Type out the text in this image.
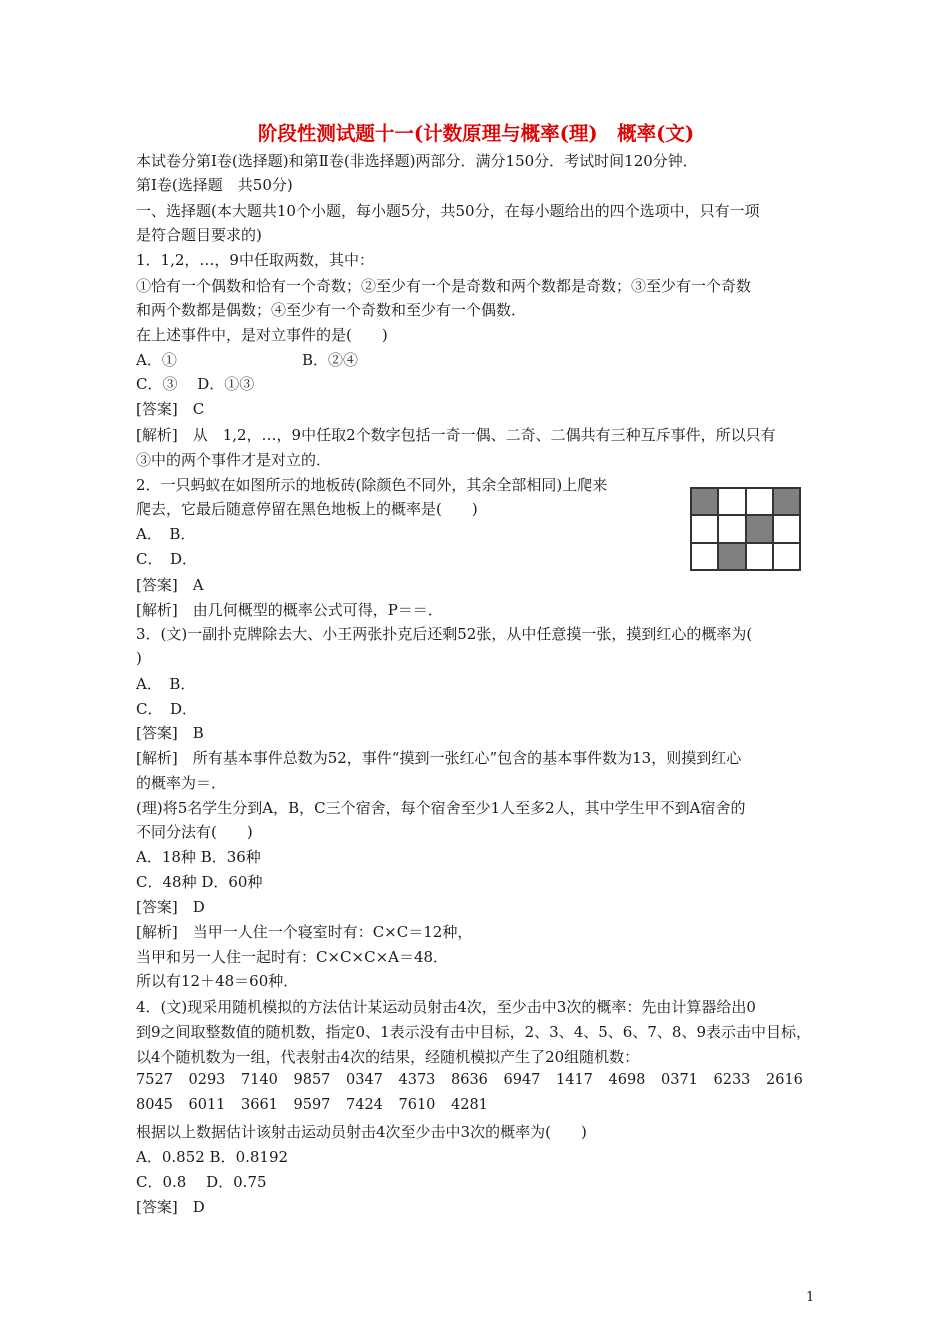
阶段性测试题十一(计数原理与概率(理)　概率(文)
本试卷分第Ⅰ卷(选择题)和第Ⅱ卷(非选择题)两部分．满分150分．考试时间120分钟．
第Ⅰ卷(选择题　共50分)
一、选择题(本大题共10个小题，每小题5分，共50分，在每小题给出的四个选项中，只有一项
是符合题目要求的)
1．1,2，…，9中任取两数，其中：
①恰有一个偶数和恰有一个奇数；②至少有一个是奇数和两个数都是奇数；③至少有一个奇数
和两个数都是偶数；④至少有一个奇数和至少有一个偶数．
在上述事件中，是对立事件的是(　　)
A．①	B．②④
C．③　 D．①③
[答案]　C
[解析]　从　1,2，…，9中任取2个数字包括一奇一偶、二奇、二偶共有三种互斥事件，所以只有
③中的两个事件才是对立的．
2．一只蚂蚁在如图所示的地板砖(除颜色不同外，其余全部相同)上爬来
爬去，它最后随意停留在黑色地板上的概率是(　　)
A．　B．
C．　D．
[答案]　A
[解析]　由几何概型的概率公式可得，P＝＝．
3．(文)一副扑克牌除去大、小王两张扑克后还剩52张，从中任意摸一张，摸到红心的概率为(
)
A．　B．
C．　D．
[答案]　B
[解析]　所有基本事件总数为52，事件“摸到一张红心”包含的基本事件数为13，则摸到红心
的概率为＝．
(理)将5名学生分到A，B，C三个宿舍，每个宿舍至少1人至多2人，其中学生甲不到A宿舍的
不同分法有(　　)
A．18种 B．36种
C．48种 D．60种
[答案]　D
[解析]　当甲一人住一个寝室时有：C×C＝12种，
当甲和另一人住一起时有：C×C×C×A＝48．
所以有12＋48＝60种．
4．(文)现采用随机模拟的方法估计某运动员射击4次，至少击中3次的概率：先由计算器给出0
到9之间取整数值的随机数，指定0、1表示没有击中目标，2、3、4、5、6、7、8、9表示击中目标，
以4个随机数为一组，代表射击4次的结果，经随机模拟产生了20组随机数：
7527 0293 7140 9857 0347 4373 8636 6947 1417 4698 0371 6233 2616
8045 6011 3661 9597 7424 7610 4281
根据以上数据估计该射击运动员射击4次至少击中3次的概率为(　　)
A．0.852 B．0.8192
C．0.8　 D．0.75
[答案]　D
1
